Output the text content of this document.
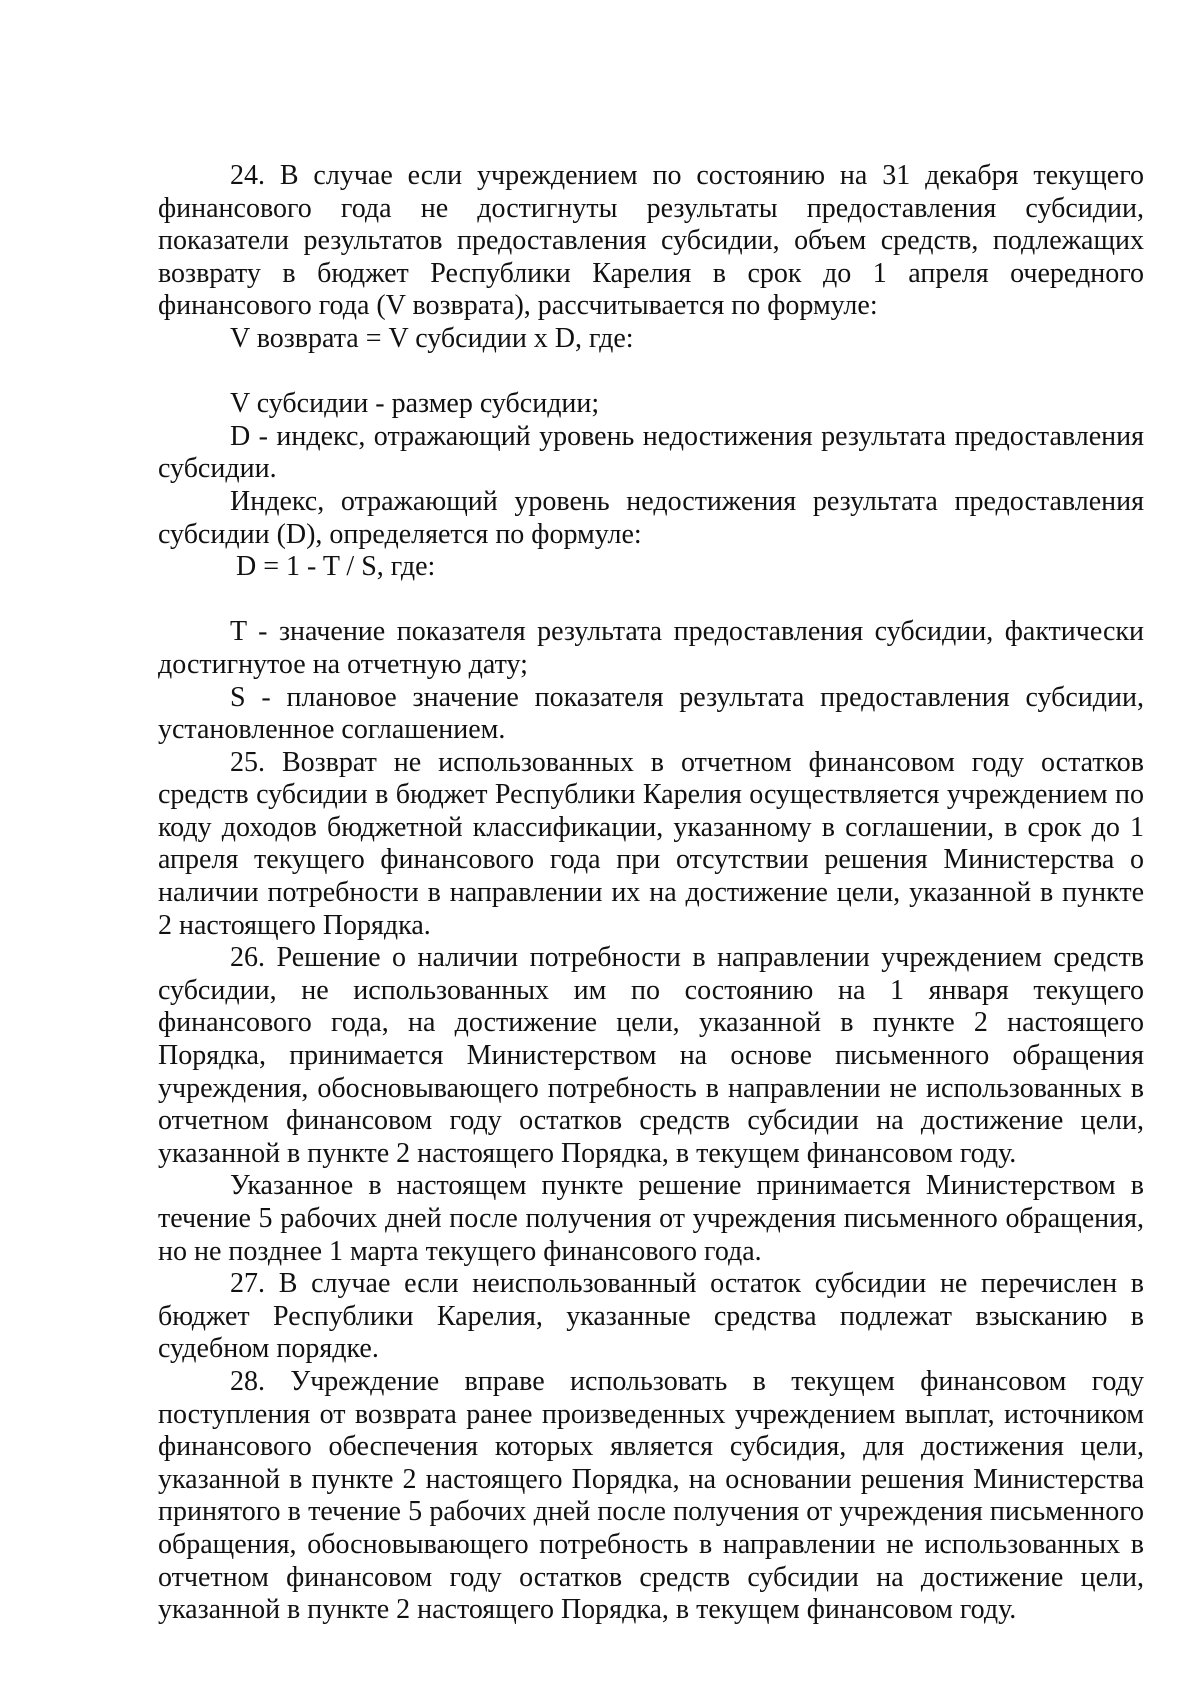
24. В случае если учреждением по состоянию на 31 декабря текущего финансового года не достигнуты результаты предоставления субсидии, показатели результатов предоставления субсидии, объем средств, подлежащих возврату в бюджет Республики Карелия в срок до 1 апреля очередного финансового года (V возврата), рассчитывается по формуле:

V возврата = V субсидии x D, где:

V субсидии - размер субсидии;

D - индекс, отражающий уровень недостижения результата предоставления субсидии.

Индекс, отражающий уровень недостижения результата предоставления субсидии (D), определяется по формуле:

D = 1 - T / S, где:

T - значение показателя результата предоставления субсидии, фактически достигнутое на отчетную дату;

S - плановое значение показателя результата предоставления субсидии, установленное соглашением.

25. Возврат не использованных в отчетном финансовом году остатков средств субсидии в бюджет Республики Карелия осуществляется учреждением по коду доходов бюджетной классификации, указанному в соглашении, в срок до 1 апреля текущего финансового года при отсутствии решения Министерства о наличии потребности в направлении их на достижение цели, указанной в пункте 2 настоящего Порядка.

26. Решение о наличии потребности в направлении учреждением средств субсидии, не использованных им по состоянию на 1 января текущего финансового года, на достижение цели, указанной в пункте 2 настоящего Порядка, принимается Министерством на основе письменного обращения учреждения, обосновывающего потребность в направлении не использованных в отчетном финансовом году остатков средств субсидии на достижение цели, указанной в пункте 2 настоящего Порядка, в текущем финансовом году.

Указанное в настоящем пункте решение принимается Министерством в течение 5 рабочих дней после получения от учреждения письменного обращения, но не позднее 1 марта текущего финансового года.

27. В случае если неиспользованный остаток субсидии не перечислен в бюджет Республики Карелия, указанные средства подлежат взысканию в судебном порядке.

28. Учреждение вправе использовать в текущем финансовом году поступления от возврата ранее произведенных учреждением выплат, источником финансового обеспечения которых является субсидия, для достижения цели, указанной в пункте 2 настоящего Порядка, на основании решения Министерства принятого в течение 5 рабочих дней после получения от учреждения письменного обращения, обосновывающего потребность в направлении не использованных в отчетном финансовом году остатков средств субсидии на достижение цели, указанной в пункте 2 настоящего Порядка, в текущем финансовом году.
